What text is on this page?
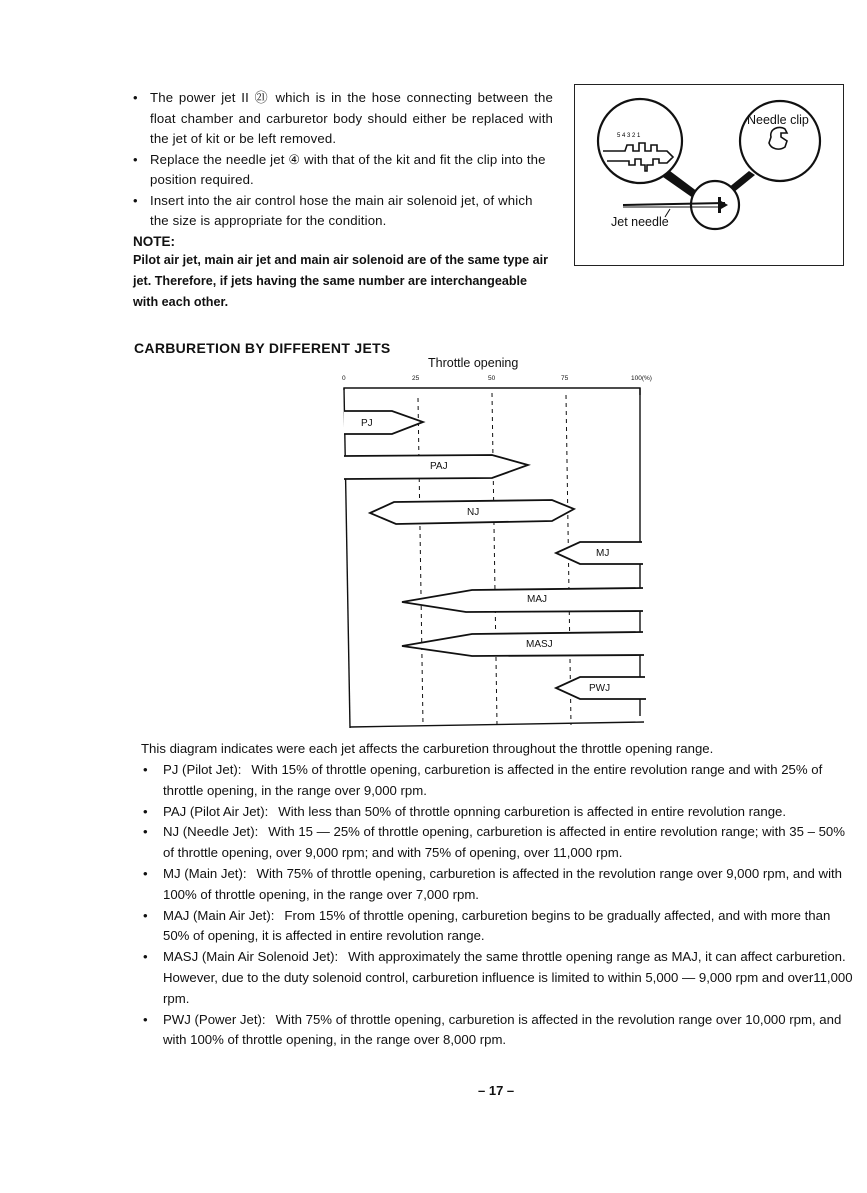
• The power jet II ㉑ which is in the hose connecting between the float chamber and carburetor body should either be replaced with the jet of kit or be left removed.
• Replace the needle jet ④ with that of the kit and fit the clip into the position required.
• Insert into the air control hose the main air solenoid jet, of which the size is appropriate for the condition.
NOTE:
Pilot air jet, main air jet and main air solenoid are of the same type air jet. Therefore, if jets having the same number are interchangeable with each other.
5 4 3 2 1
Needle clip
Jet needle
CARBURETION BY DIFFERENT JETS
Throttle opening
0	25	50	75	100(%)
PJ
PAJ
NJ
MJ
MAJ
MASJ
PWJ
This diagram indicates were each jet affects the carburetion throughout the throttle opening range.
• PJ (Pilot Jet): With 15% of throttle opening, carburetion is affected in the entire revolution range and with 25% of throttle opening, in the range over 9,000 rpm.
• PAJ (Pilot Air Jet): With less than 50% of throttle opnning carburetion is affected in entire revolution range.
• NJ (Needle Jet): With 15 — 25% of throttle opening, carburetion is affected in entire revolution range; with 35 – 50% of throttle opening, over 9,000 rpm; and with 75% of opening, over 11,000 rpm.
• MJ (Main Jet): With 75% of throttle opening, carburetion is affected in the revolution range over 9,000 rpm, and with 100% of throttle opening, in the range over 7,000 rpm.
• MAJ (Main Air Jet): From 15% of throttle opening, carburetion begins to be gradually affected, and with more than 50% of opening, it is affected in entire revolution range.
• MASJ (Main Air Solenoid Jet): With approximately the same throttle opening range as MAJ, it can affect carburetion. However, due to the duty solenoid control, carburetion influence is limited to within 5,000 — 9,000 rpm and over11,000 rpm.
• PWJ (Power Jet): With 75% of throttle opening, carburetion is affected in the revolution range over 10,000 rpm, and with 100% of throttle opening, in the range over 8,000 rpm.
– 17 –
